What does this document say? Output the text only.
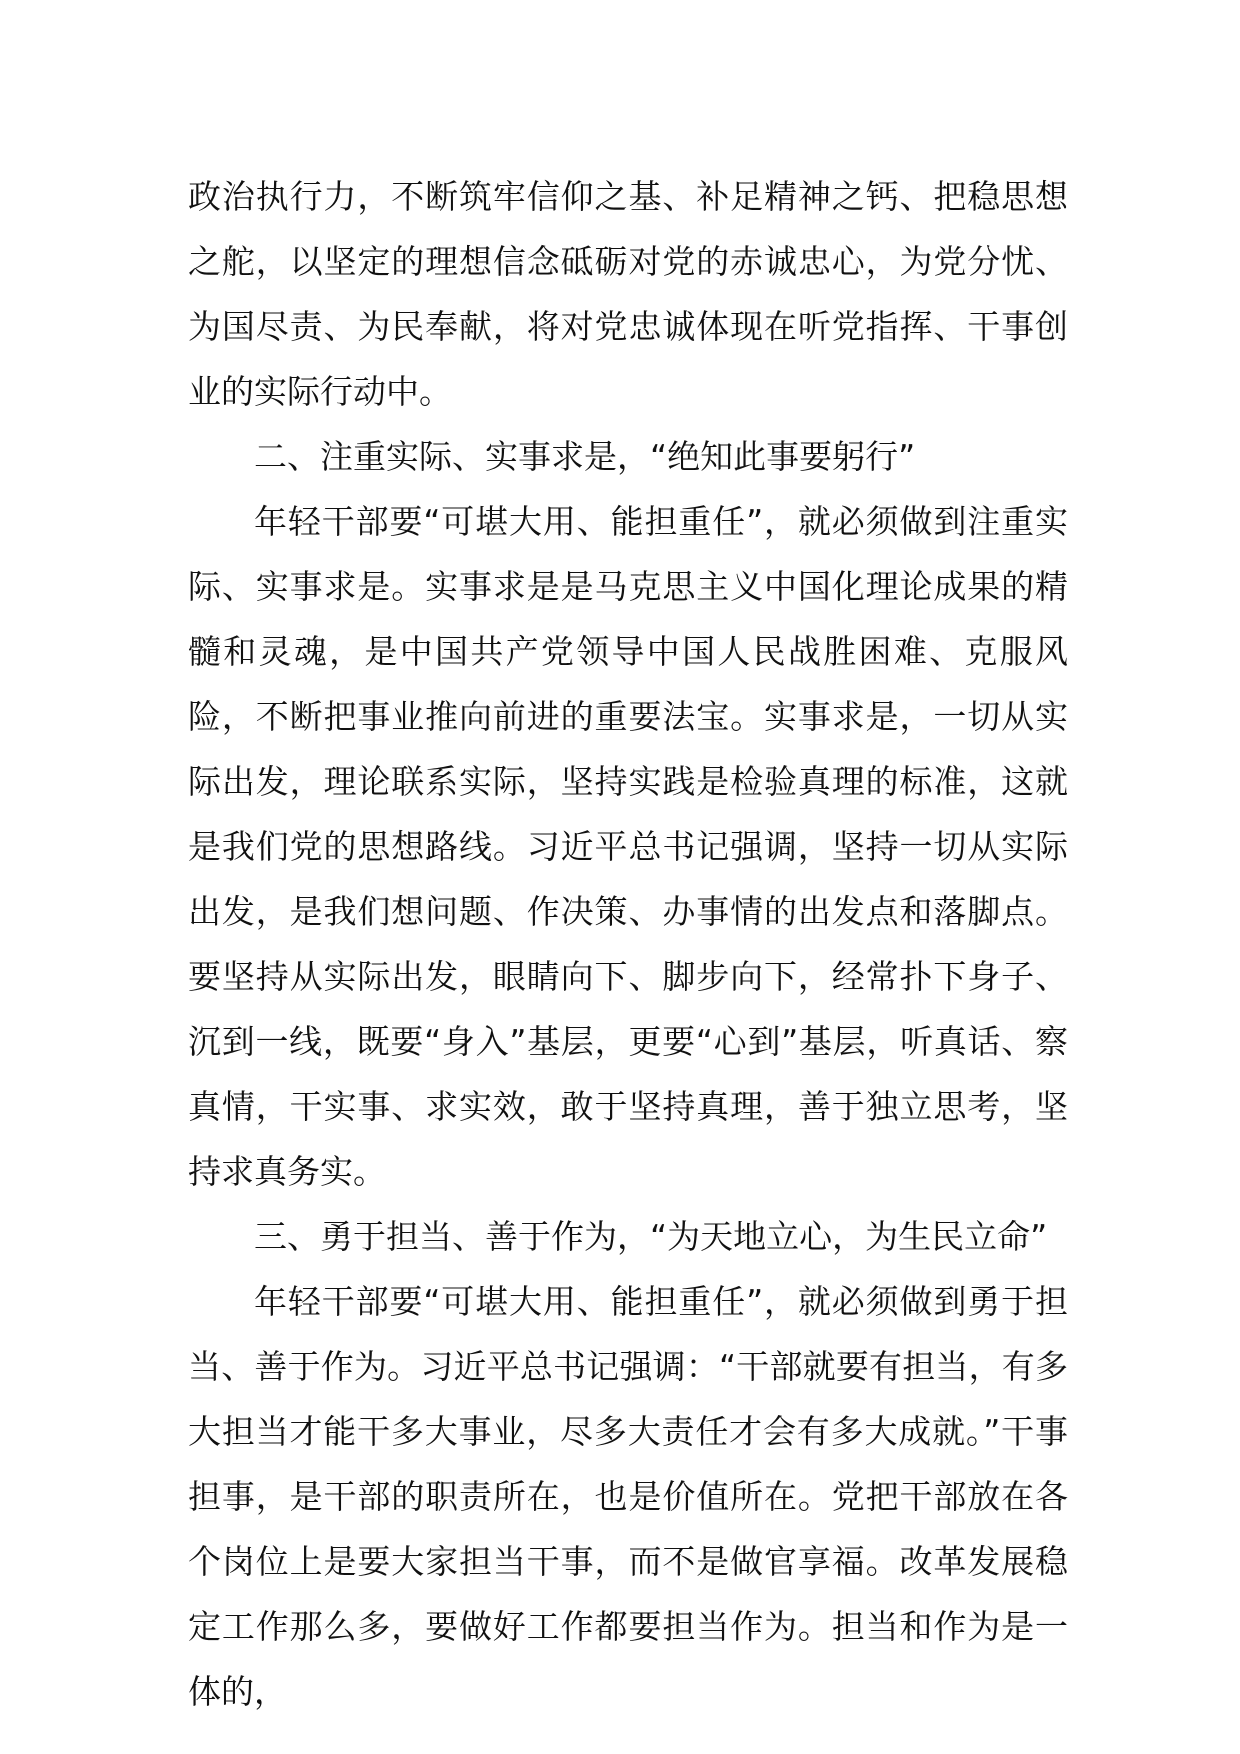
政治执行力，不断筑牢信仰之基、补足精神之钙、把稳思想之舵，以坚定的理想信念砥砺对党的赤诚忠心，为党分忧、为国尽责、为民奉献，将对党忠诚体现在听党指挥、干事创业的实际行动中。

二、注重实际、实事求是，“绝知此事要躬行”

年轻干部要“可堪大用、能担重任”，就必须做到注重实际、实事求是。实事求是是马克思主义中国化理论成果的精髓和灵魂，是中国共产党领导中国人民战胜困难、克服风险，不断把事业推向前进的重要法宝。实事求是，一切从实际出发，理论联系实际，坚持实践是检验真理的标准，这就是我们党的思想路线。习近平总书记强调，坚持一切从实际出发，是我们想问题、作决策、办事情的出发点和落脚点。要坚持从实际出发，眼睛向下、脚步向下，经常扑下身子、沉到一线，既要“身入”基层，更要“心到”基层，听真话、察真情，干实事、求实效，敢于坚持真理，善于独立思考，坚持求真务实。

三、勇于担当、善于作为，“为天地立心，为生民立命”

年轻干部要“可堪大用、能担重任”，就必须做到勇于担当、善于作为。习近平总书记强调：“干部就要有担当，有多大担当才能干多大事业，尽多大责任才会有多大成就。”干事担事，是干部的职责所在，也是价值所在。党把干部放在各个岗位上是要大家担当干事，而不是做官享福。改革发展稳定工作那么多，要做好工作都要担当作为。担当和作为是一体的，
